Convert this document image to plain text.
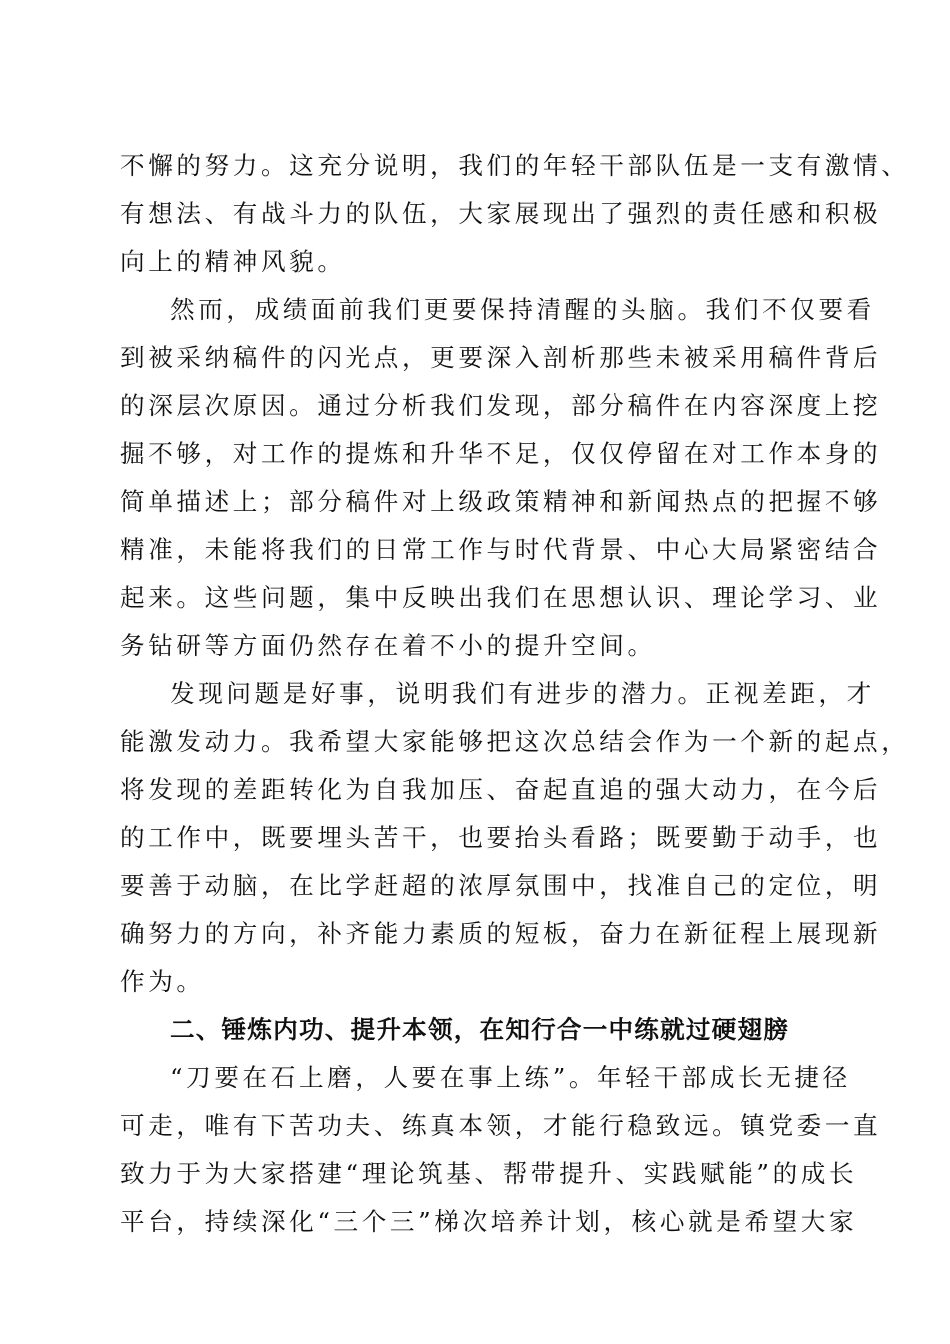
不懈的努力。这充分说明，我们的年轻干部队伍是一支有激情、
有想法、有战斗力的队伍，大家展现出了强烈的责任感和积极
向上的精神风貌。
然而，成绩面前我们更要保持清醒的头脑。我们不仅要看
到被采纳稿件的闪光点，更要深入剖析那些未被采用稿件背后
的深层次原因。通过分析我们发现，部分稿件在内容深度上挖
掘不够，对工作的提炼和升华不足，仅仅停留在对工作本身的
简单描述上；部分稿件对上级政策精神和新闻热点的把握不够
精准，未能将我们的日常工作与时代背景、中心大局紧密结合
起来。这些问题，集中反映出我们在思想认识、理论学习、业
务钻研等方面仍然存在着不小的提升空间。
发现问题是好事，说明我们有进步的潜力。正视差距，才
能激发动力。我希望大家能够把这次总结会作为一个新的起点，
将发现的差距转化为自我加压、奋起直追的强大动力，在今后
的工作中，既要埋头苦干，也要抬头看路；既要勤于动手，也
要善于动脑，在比学赶超的浓厚氛围中，找准自己的定位，明
确努力的方向，补齐能力素质的短板，奋力在新征程上展现新
作为。
二、锤炼内功、提升本领，在知行合一中练就过硬翅膀
“刀要在石上磨，人要在事上练”。年轻干部成长无捷径
可走，唯有下苦功夫、练真本领，才能行稳致远。镇党委一直
致力于为大家搭建“理论筑基、帮带提升、实践赋能”的成长
平台，持续深化“三个三”梯次培养计划，核心就是希望大家
